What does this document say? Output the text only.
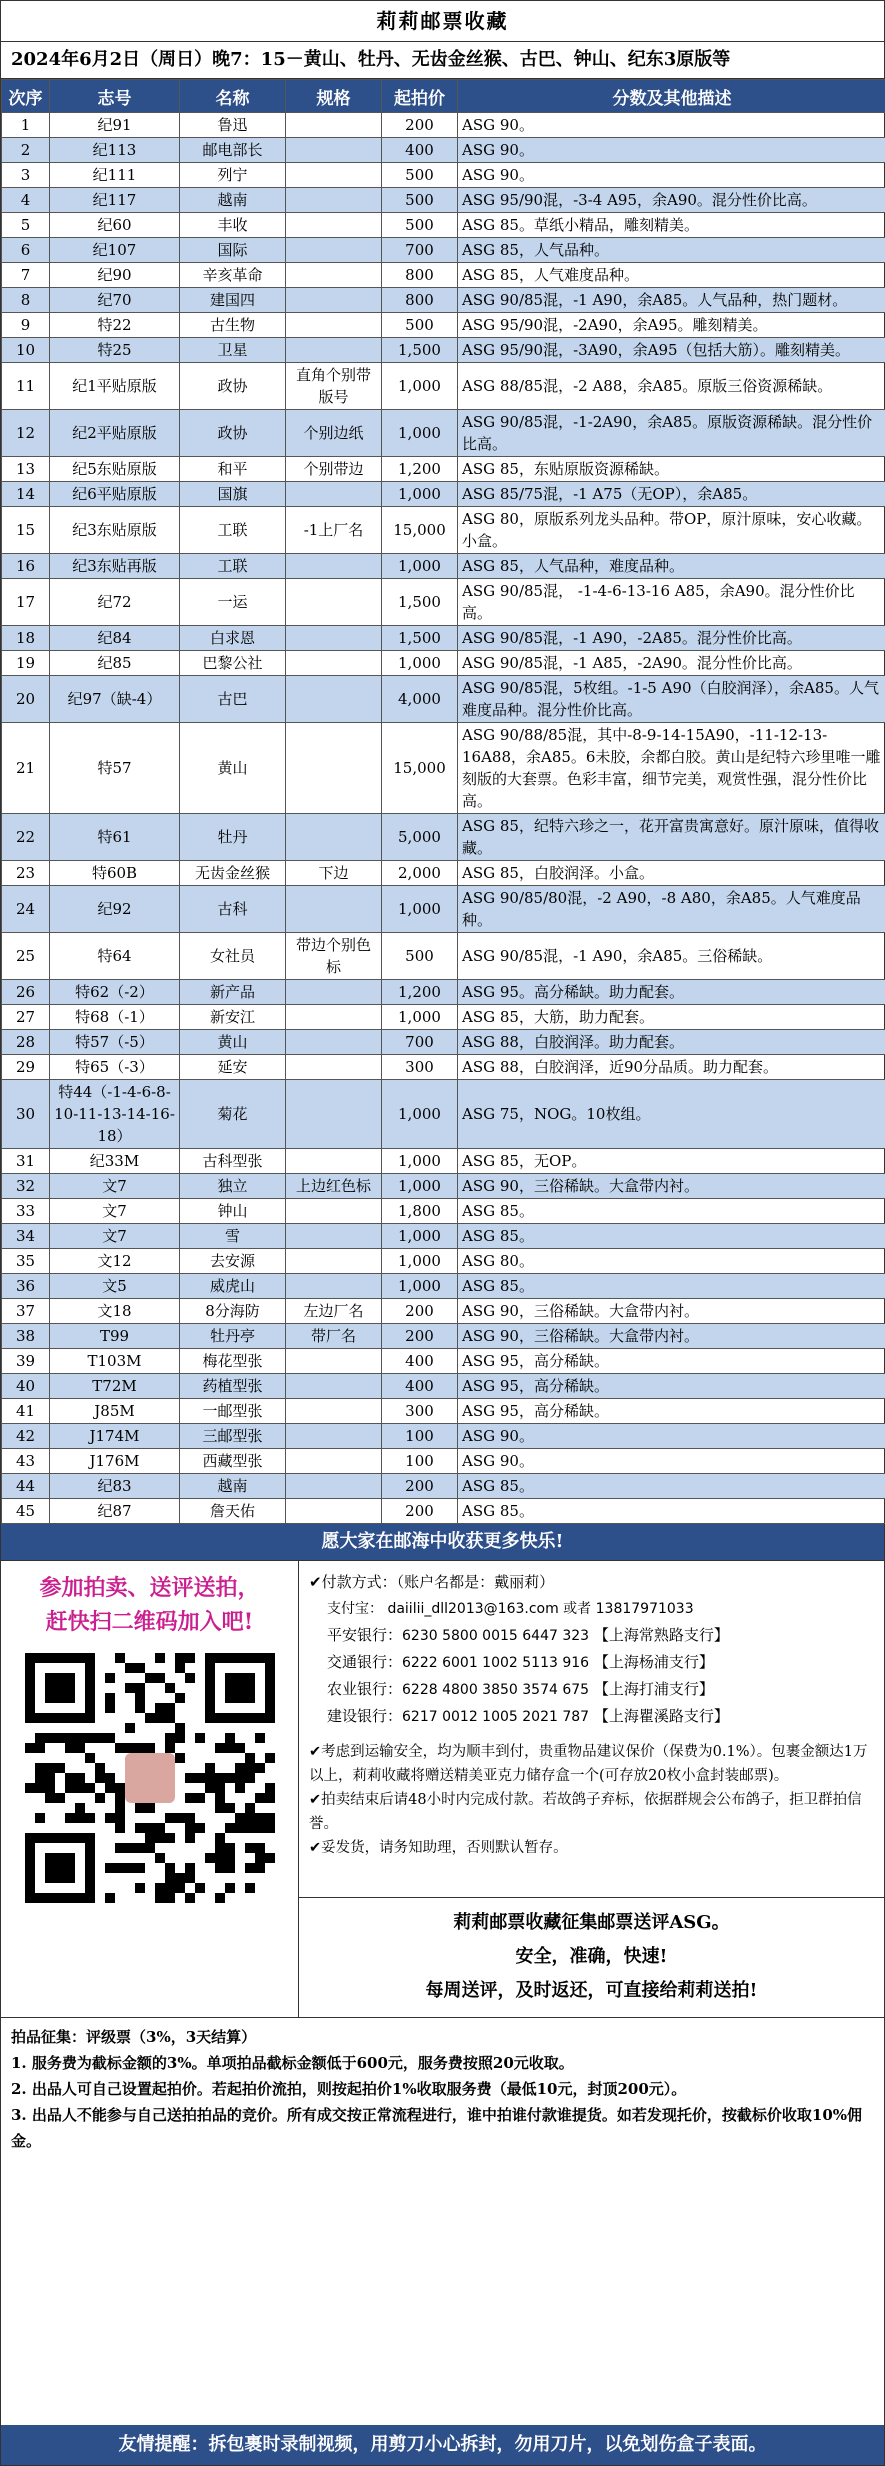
莉莉邮票收藏
2024年6月2日（周日）晚7：15－黄山、牡丹、无齿金丝猴、古巴、钟山、纪东3原版等
次序	志号	名称	规格	起拍价	分数及其他描述
1	纪91	鲁迅		200	ASG 90。
2	纪113	邮电部长		400	ASG 90。
3	纪111	列宁		500	ASG 90。
4	纪117	越南		500	ASG 95/90混，-3-4 A95，余A90。混分性价比高。
5	纪60	丰收		500	ASG 85。草纸小精品，雕刻精美。
6	纪107	国际		700	ASG 85，人气品种。
7	纪90	辛亥革命		800	ASG 85，人气难度品种。
8	纪70	建国四		800	ASG 90/85混，-1 A90，余A85。人气品种，热门题材。
9	特22	古生物		500	ASG 95/90混，-2A90，余A95。雕刻精美。
10	特25	卫星		1,500	ASG 95/90混，-3A90，余A95（包括大筋）。雕刻精美。
11	纪1平贴原版	政协	直角个别带版号	1,000	ASG 88/85混，-2 A88，余A85。原版三俗资源稀缺。
12	纪2平贴原版	政协	个别边纸	1,000	ASG 90/85混，-1-2A90，余A85。原版资源稀缺。混分性价比高。
13	纪5东贴原版	和平	个别带边	1,200	ASG 85，东贴原版资源稀缺。
14	纪6平贴原版	国旗		1,000	ASG 85/75混，-1 A75（无OP），余A85。
15	纪3东贴原版	工联	-1上厂名	15,000	ASG 80，原版系列龙头品种。带OP，原汁原味，安心收藏。小盒。
16	纪3东贴再版	工联		1,000	ASG 85，人气品种，难度品种。
17	纪72	一运		1,500	ASG 90/85混， -1-4-6-13-16 A85，余A90。混分性价比高。
18	纪84	白求恩		1,500	ASG 90/85混，-1 A90，-2A85。混分性价比高。
19	纪85	巴黎公社		1,000	ASG 90/85混，-1 A85，-2A90。混分性价比高。
20	纪97（缺-4）	古巴		4,000	ASG 90/85混，5枚组。-1-5 A90（白胶润泽），余A85。人气难度品种。混分性价比高。
21	特57	黄山		15,000	ASG 90/88/85混，其中-8-9-14-15A90，-11-12-13-16A88，余A85。6未胶，余都白胶。黄山是纪特六珍里唯一雕刻版的大套票。色彩丰富，细节完美，观赏性强，混分性价比高。
22	特61	牡丹		5,000	ASG 85，纪特六珍之一，花开富贵寓意好。原汁原味，值得收藏。
23	特60B	无齿金丝猴	下边	2,000	ASG 85，白胶润泽。小盒。
24	纪92	古科		1,000	ASG 90/85/80混，-2 A90，-8 A80，余A85。人气难度品种。
25	特64	女社员	带边个别色标	500	ASG 90/85混，-1 A90，余A85。三俗稀缺。
26	特62（-2）	新产品		1,200	ASG 95。高分稀缺。助力配套。
27	特68（-1）	新安江		1,000	ASG 85，大筋，助力配套。
28	特57（-5）	黄山		700	ASG 88，白胶润泽。助力配套。
29	特65（-3）	延安		300	ASG 88，白胶润泽，近90分品质。助力配套。
30	特44（-1-4-6-8-10-11-13-14-16-18）	菊花		1,000	ASG 75，NOG。10枚组。
31	纪33M	古科型张		1,000	ASG 85，无OP。
32	文7	独立	上边红色标	1,000	ASG 90，三俗稀缺。大盒带内衬。
33	文7	钟山		1,800	ASG 85。
34	文7	雪		1,000	ASG 85。
35	文12	去安源		1,000	ASG 80。
36	文5	威虎山		1,000	ASG 85。
37	文18	8分海防	左边厂名	200	ASG 90，三俗稀缺。大盒带内衬。
38	T99	牡丹亭	带厂名	200	ASG 90，三俗稀缺。大盒带内衬。
39	T103M	梅花型张		400	ASG 95，高分稀缺。
40	T72M	药植型张		400	ASG 95，高分稀缺。
41	J85M	一邮型张		300	ASG 95，高分稀缺。
42	J174M	三邮型张		100	ASG 90。
43	J176M	西藏型张		100	ASG 90。
44	纪83	越南		200	ASG 85。
45	纪87	詹天佑		200	ASG 85。
愿大家在邮海中收获更多快乐!
参加拍卖、送评送拍，
赶快扫二维码加入吧!
✔付款方式：（账户名都是：戴丽莉）
支付宝： daiilii_dll2013@163.com 或者 13817971033
平安银行：6230 5800 0015 6447 323 【上海常熟路支行】
交通银行：6222 6001 1002 5113 916 【上海杨浦支行】
农业银行：6228 4800 3850 3574 675 【上海打浦支行】
建设银行：6217 0012 1005 2021 787 【上海瞿溪路支行】
✔考虑到运输安全，均为顺丰到付，贵重物品建议保价（保费为0.1%）。包裹金额达1万以上，莉莉收藏将赠送精美亚克力储存盒一个(可存放20枚小盒封装邮票)。
✔拍卖结束后请48小时内完成付款。若故鸽子弃标，依据群规会公布鸽子，拒卫群拍信誉。
✔妥发货，请务知助理，否则默认暂存。
莉莉邮票收藏征集邮票送评ASG。
安全，准确，快速!
每周送评，及时返还，可直接给莉莉送拍!
拍品征集：评级票（3%，3天结算）
1. 服务费为截标金额的3%。单项拍品截标金额低于600元，服务费按照20元收取。
2. 出品人可自己设置起拍价。若起拍价流拍，则按起拍价1%收取服务费（最低10元，封顶200元）。
3. 出品人不能参与自己送拍拍品的竞价。所有成交按正常流程进行，谁中拍谁付款谁提货。如若发现托价，按截标价收取10%佣金。
友情提醒：拆包裹时录制视频，用剪刀小心拆封，勿用刀片，以免划伤盒子表面。
